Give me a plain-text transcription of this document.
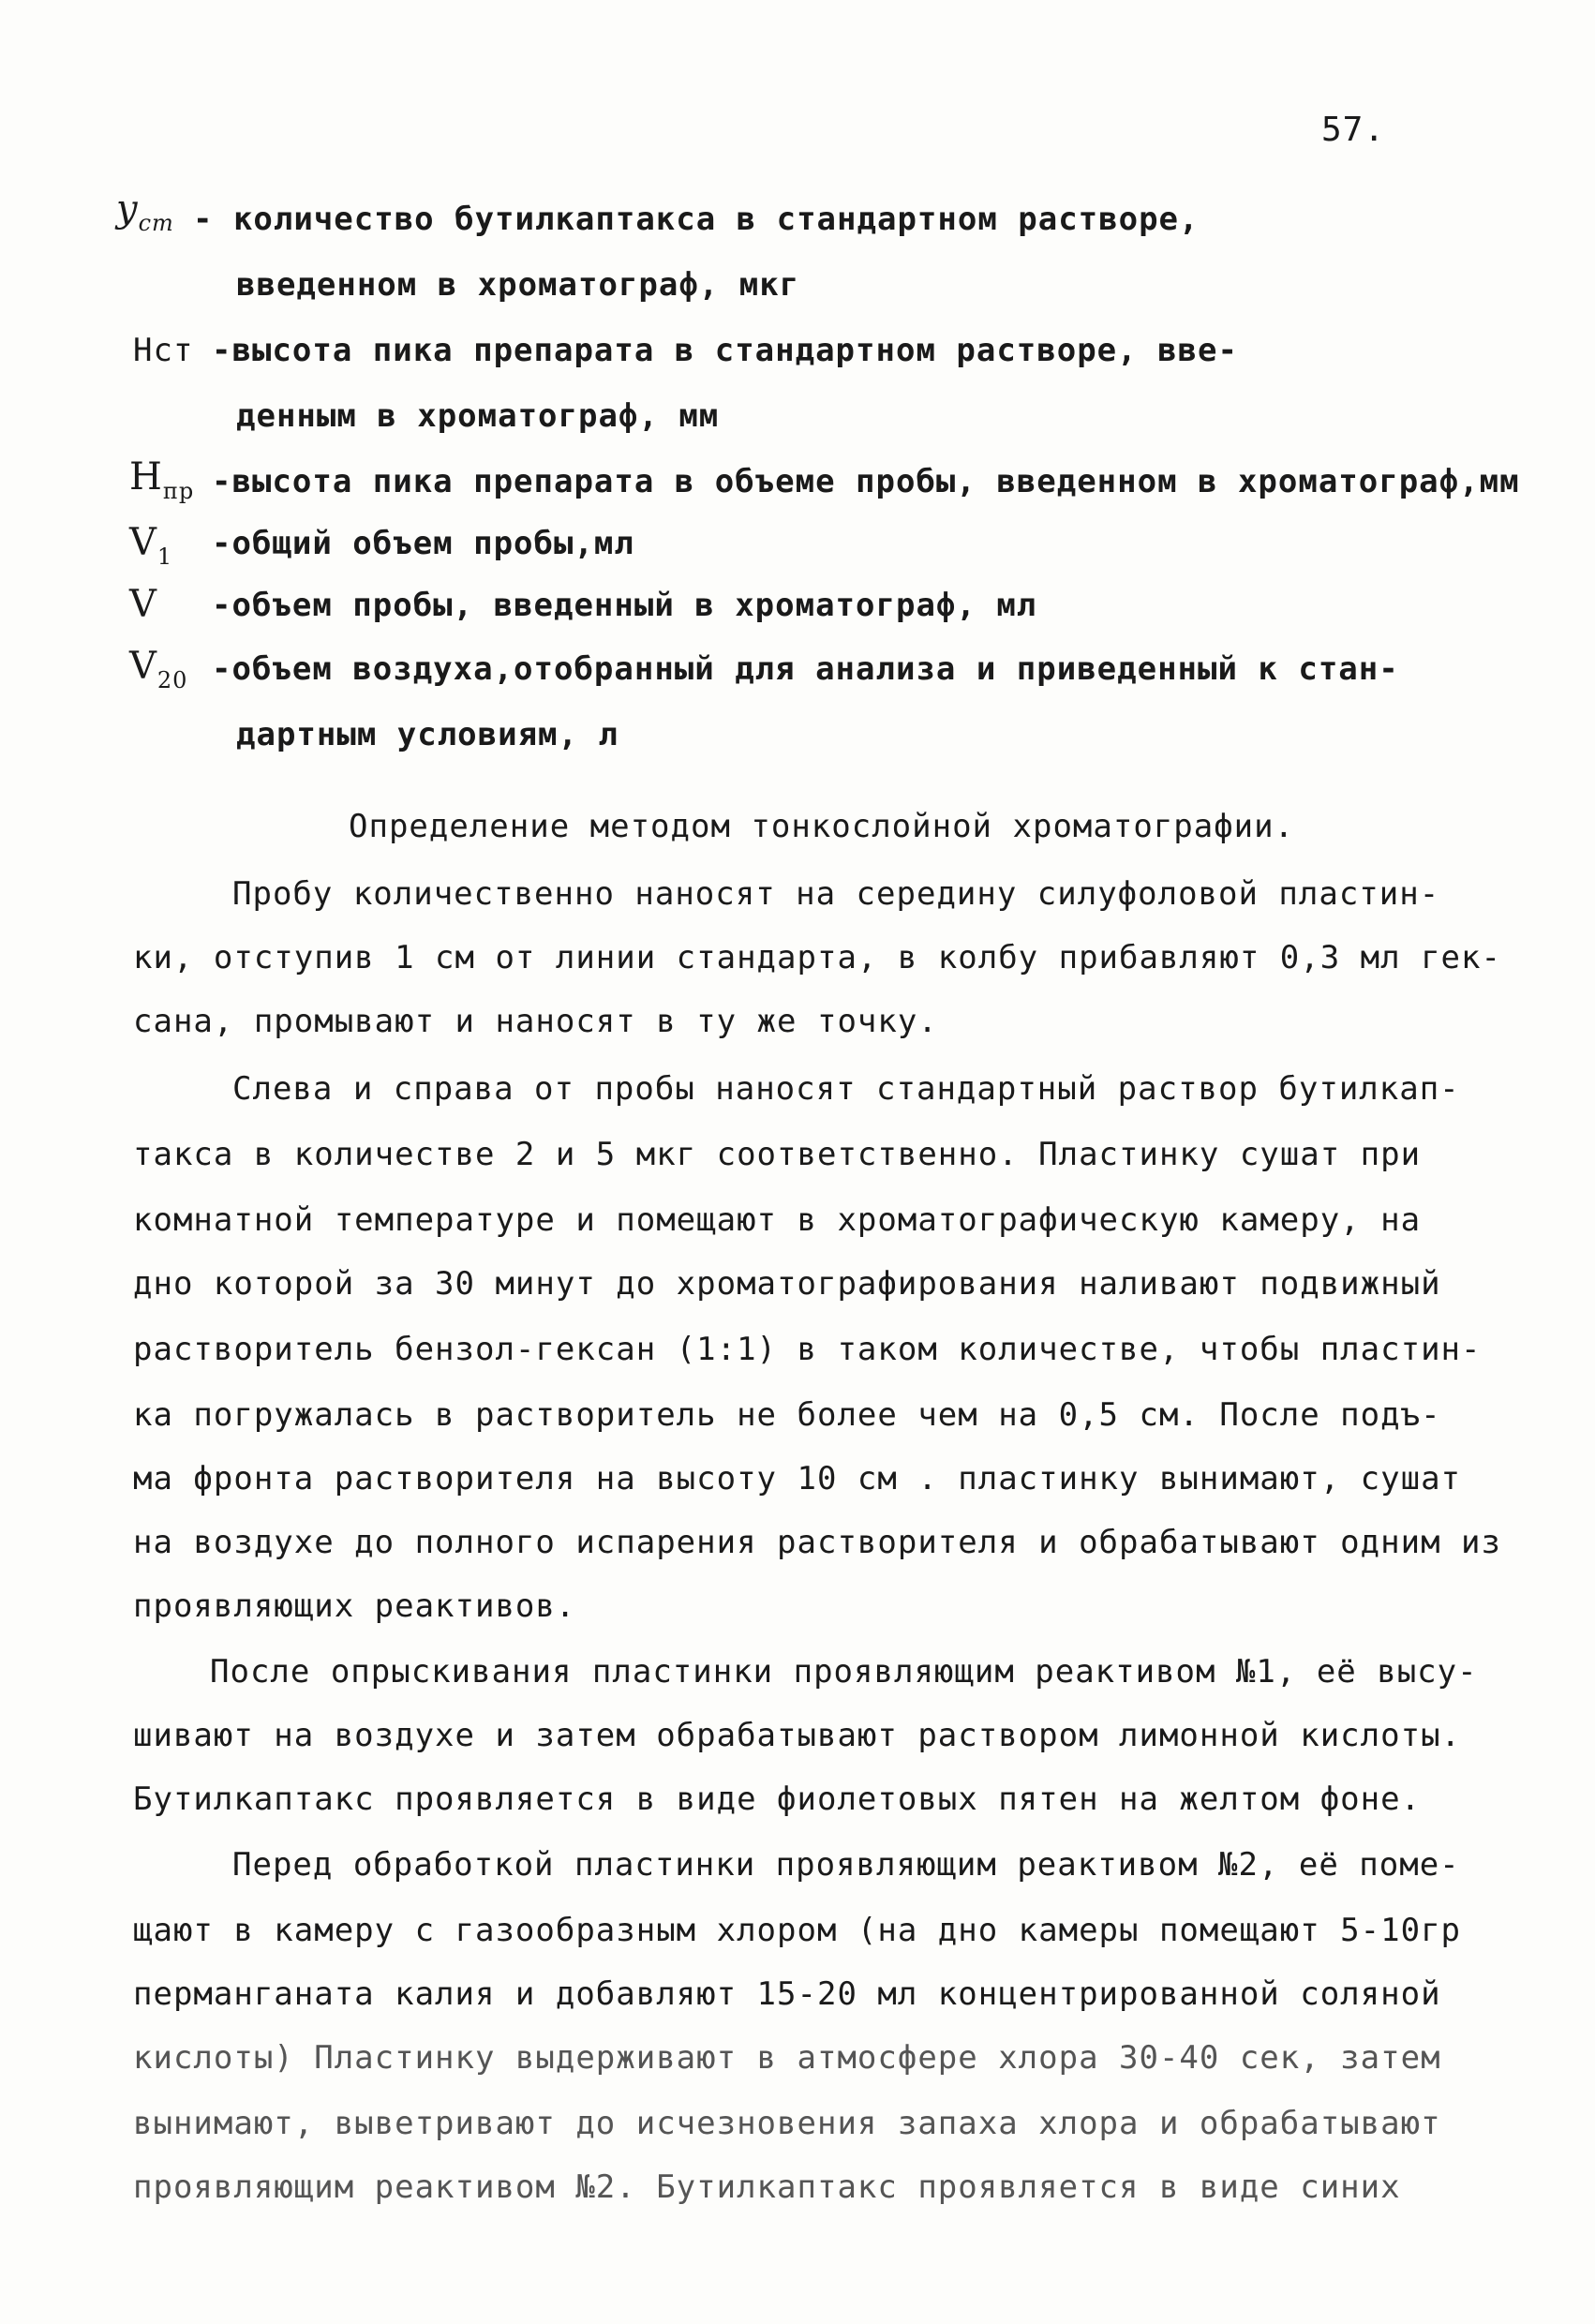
57.
$y_{ст}$ - количество бутилкаптакса в стандартном растворе,
введенном в хроматограф, мкг
Нст -высота пика препарата в стандартном растворе, вве-
денным в хроматограф, мм
$Н_{пр}$ -высота пика препарата в объеме пробы, введенном в хроматограф,мм
$V_1$ -общий объем пробы,мл
V -объем пробы, введенный в хроматограф, мл
$V_{20}$ -объем воздуха,отобранный для анализа и приведенный к стан-
дартным условиям, л
Определение методом тонкослойной хроматографии.
Пробу количественно наносят на середину силуфоловой пластин-
ки, отступив 1 см от линии стандарта, в колбу прибавляют 0,3 мл гек-
сана, промывают и наносят в ту же точку.
Слева и справа от пробы наносят стандартный раствор бутилкап-
такса в количестве 2 и 5 мкг соответственно. Пластинку сушат при
комнатной температуре и помещают в хроматографическую камеру, на
дно которой за 30 минут до хроматографирования наливают подвижный
растворитель бензол-гексан (1:1) в таком количестве, чтобы пластин-
ка погружалась в растворитель не более чем на 0,5 см. После подъ-
ма фронта растворителя на высоту 10 см . пластинку вынимают, сушат
на воздухе до полного испарения растворителя и обрабатывают одним из
проявляющих реактивов.
После опрыскивания пластинки проявляющим реактивом №1, её высу-
шивают на воздухе и затем обрабатывают раствором лимонной кислоты.
Бутилкаптакс проявляется в виде фиолетовых пятен на желтом фоне.
Перед обработкой пластинки проявляющим реактивом №2, её поме-
щают в камеру с газообразным хлором (на дно камеры помещают 5-10гр
перманганата калия и добавляют 15-20 мл концентрированной соляной
кислоты) Пластинку выдерживают в атмосфере хлора 30-40 сек, затем
вынимают, выветривают до исчезновения запаха хлора и обрабатывают
проявляющим реактивом №2. Бутилкаптакс проявляется в виде синих
